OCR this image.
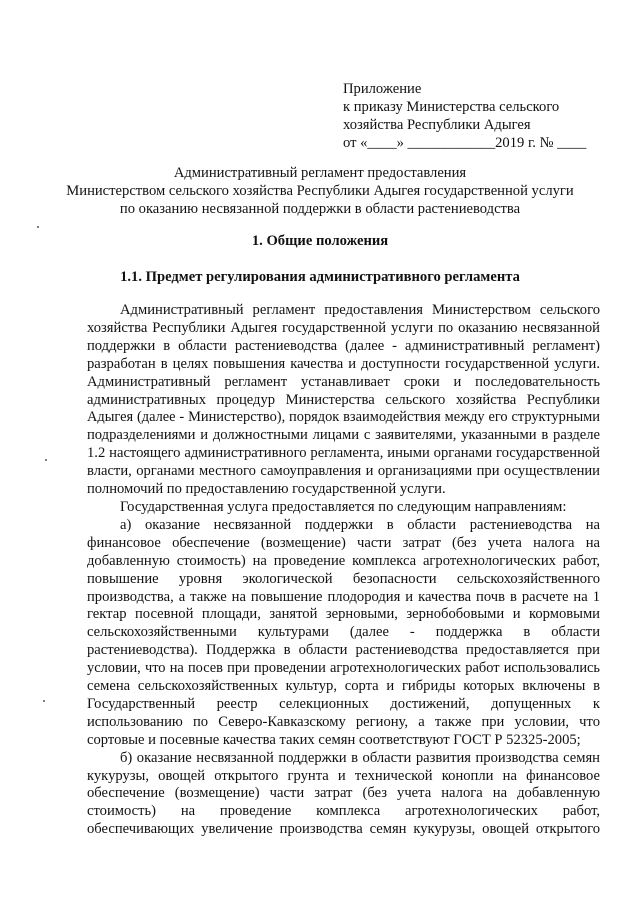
Приложение
к приказу Министерства сельского
хозяйства Республики Адыгея
от «____» ____________2019 г. № ____
Административный регламент предоставления
Министерством сельского хозяйства Республики Адыгея государственной услуги
по оказанию несвязанной поддержки в области растениеводства
1. Общие положения
1.1. Предмет регулирования административного регламента
Административный регламент предоставления Министерством сельского
хозяйства Республики Адыгея государственной услуги по оказанию несвязанной
поддержки в области растениеводства (далее - административный регламент)
разработан в целях повышения качества и доступности государственной услуги.
Административный регламент устанавливает сроки и последовательность
административных процедур Министерства сельского хозяйства Республики
Адыгея (далее - Министерство), порядок взаимодействия между его структурными
подразделениями и должностными лицами с заявителями, указанными в разделе
1.2 настоящего административного регламента, иными органами государственной
власти, органами местного самоуправления и организациями при осуществлении
полномочий по предоставлению государственной услуги.
Государственная услуга предоставляется по следующим направлениям:
а) оказание несвязанной поддержки в области растениеводства на
финансовое обеспечение (возмещение) части затрат (без учета налога на
добавленную стоимость) на проведение комплекса агротехнологических работ,
повышение уровня экологической безопасности сельскохозяйственного
производства, а также на повышение плодородия и качества почв в расчете на 1
гектар посевной площади, занятой зерновыми, зернобобовыми и кормовыми
сельскохозяйственными культурами (далее - поддержка в области
растениеводства). Поддержка в области растениеводства предоставляется при
условии, что на посев при проведении агротехнологических работ использовались
семена сельскохозяйственных культур, сорта и гибриды которых включены в
Государственный реестр селекционных достижений, допущенных к
использованию по Северо-Кавказскому региону, а также при условии, что
сортовые и посевные качества таких семян соответствуют ГОСТ Р 52325-2005;
б) оказание несвязанной поддержки в области развития производства семян
кукурузы, овощей открытого грунта и технической конопли на финансовое
обеспечение (возмещение) части затрат (без учета налога на добавленную
стоимость) на проведение комплекса агротехнологических работ,
обеспечивающих увеличение производства семян кукурузы, овощей открытого
